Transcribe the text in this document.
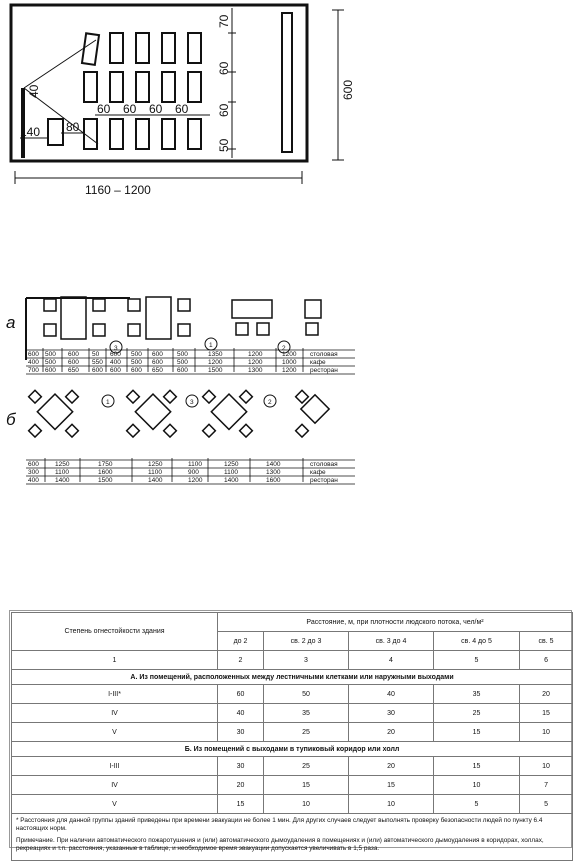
70
60
60
50
600
40
60 60 60 60
140 80
1160 – 1200
а
б
3	1	2
600 500 600 50 600 500 600 500	1350	1200	1200 столовая
400 500 600 550 400 500 600 500	1200	1200	1000 кафе
700 600 650 600 600 600 650 600	1500	1300	1200 ресторан
1	3	2
600 1250	1750	1250	1100	1250	1400	столовая
300 1100	1600	1100	900	1100	1300	кафе
400 1400	1500	1400	1200	1400	1600	ресторан
Степень огнестойкости здания	Расстояние, м, при плотности людского потока, чел/м²				
	до 2	св. 2 до 3	св. 3 до 4	св. 4 до 5	св. 5
1	2	3	4	5	6
А. Из помещений, расположенных между лестничными клетками или наружными выходами					
I-III*	60	50	40	35	20
IV	40	35	30	25	15
V	30	25	20	15	10
Б. Из помещений с выходами в тупиковый коридор или холл					
I-III	30	25	20	15	10
IV	20	15	15	10	7
V	15	10	10	5	5

* Расстояния для данной группы зданий приведены при времени эвакуации не более 1 мин. Для других случаев следует выполнять проверку безопасности людей по пункту 6.4 настоящих норм.

Примечание. При наличии автоматического пожаротушения и (или) автоматического дымоудаления в помещениях и (или) автоматического дымоудаления в коридорах, холлах, рекреациях и т.п. расстояния, указанные в таблице, и необходимое время эвакуации допускается увеличивать в 1,5 раза.					
